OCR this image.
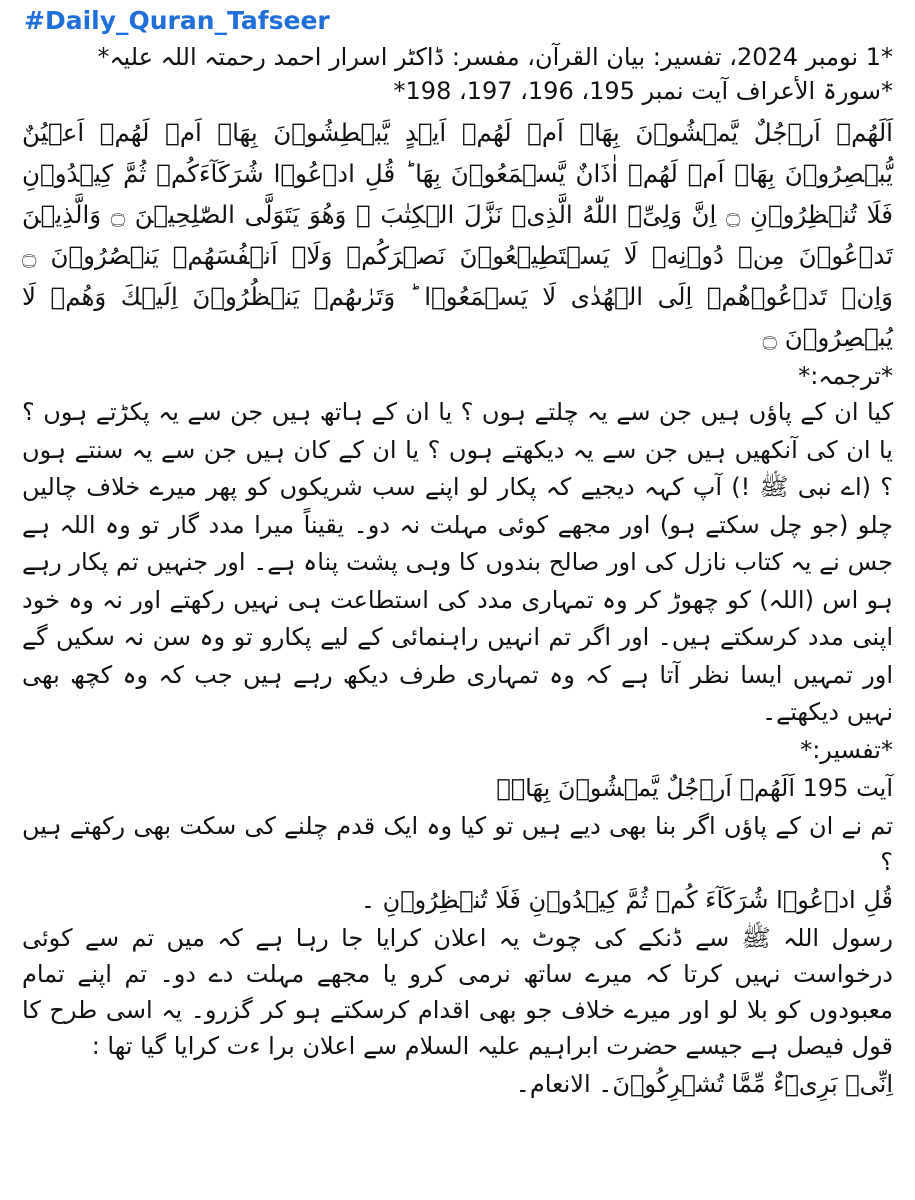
#Daily_Quran_Tafseer

*1 نومبر 2024، تفسیر: بیان القرآن، مفسر: ڈاکٹر اسرار احمد رحمتہ اللہ علیہ*

*سورۃ الأعراف آیت نمبر 195، 196، 197، 198*

اَلَهُمۡ اَرۡجُلٌ يَّمۡشُوۡنَ بِهَاۤ اَمۡ لَهُمۡ اَيۡدٍ يَّبۡطِشُوۡنَ بِهَاۤ اَمۡ لَهُمۡ اَعۡيُنٌ يُّبۡصِرُوۡنَ بِهَاۤ اَمۡ لَهُمۡ اٰذَانٌ يَّسۡمَعُوۡنَ بِهَا ؕ قُلِ ادۡعُوۡا شُرَكَآءَكُمۡ ثُمَّ كِيۡدُوۡنِ فَلَا تُنۡظِرُوۡنِ ۝ اِنَّ وَلِىِّۦَ اللّٰهُ الَّذِىۡ نَزَّلَ الۡكِتٰبَ ۖ وَهُوَ يَتَوَلَّى الصّٰلِحِيۡنَ ۝ وَالَّذِيۡنَ تَدۡعُوۡنَ مِنۡ دُوۡنِهٖ لَا يَسۡتَطِيۡعُوۡنَ نَصۡرَكُمۡ وَلَاۤ اَنۡفُسَهُمۡ يَنۡصُرُوۡنَ ۝ وَاِنۡ تَدۡعُوۡهُمۡ اِلَى الۡهُدٰى لَا يَسۡمَعُوۡا ؕ وَتَرٰٮهُمۡ يَنۡظُرُوۡنَ اِلَيۡكَ وَهُمۡ لَا يُبۡصِرُوۡنَ ۝

*ترجمہ:*

کیا ان کے پاؤں ہیں جن سے یہ چلتے ہوں ؟ یا ان کے ہاتھ ہیں جن سے یہ پکڑتے ہوں ؟ یا ان کی آنکھیں ہیں جن سے یہ دیکھتے ہوں ؟ یا ان کے کان ہیں جن سے یہ سنتے ہوں ؟ (اے نبی ﷺ !) آپ کہہ دیجیے کہ پکار لو اپنے سب شریکوں کو پھر میرے خلاف چالیں چلو (جو چل سکتے ہو) اور مجھے کوئی مہلت نہ دو۔ یقیناً میرا مدد گار تو وہ اللہ ہے جس نے یہ کتاب نازل کی اور صالح بندوں کا وہی پشت پناہ ہے۔ اور جنہیں تم پکار رہے ہو اس (اللہ) کو چھوڑ کر وہ تمہاری مدد کی استطاعت ہی نہیں رکھتے اور نہ وہ خود اپنی مدد کرسکتے ہیں۔ اور اگر تم انہیں راہنمائی کے لیے پکارو تو وہ سن نہ سکیں گے اور تمہیں ایسا نظر آتا ہے کہ وہ تمہاری طرف دیکھ رہے ہیں جب کہ وہ کچھ بھی نہیں دیکھتے۔

*تفسیر:*

آیت 195 اَلَهُمۡ اَرۡجُلٌ يَّمۡشُوۡنَ بِهَاۤ۔

تم نے ان کے پاؤں اگر بنا بھی دیے ہیں تو کیا وہ ایک قدم چلنے کی سکت بھی رکھتے ہیں ؟

قُلِ ادۡعُوۡا شُرَكَآءَ كُمۡ ثُمَّ كِيۡدُوۡنِ فَلَا تُنۡظِرُوۡنِ ۔

رسول اللہ ﷺ سے ڈنکے کی چوٹ یہ اعلان کرایا جا رہا ہے کہ میں تم سے کوئی درخواست نہیں کرتا کہ میرے ساتھ نرمی کرو یا مجھے مہلت دے دو۔ تم اپنے تمام معبودوں کو بلا لو اور میرے خلاف جو بھی اقدام کرسکتے ہو کر گزرو۔ یہ اسی طرح کا قول فیصل ہے جیسے حضرت ابراہیم علیہ السلام سے اعلان برا ءت کرایا گیا تھا :

اِنِّىۡ بَرِىۡٓءٌ مِّمَّا تُشۡرِكُوۡنَ۔ الانعام۔
